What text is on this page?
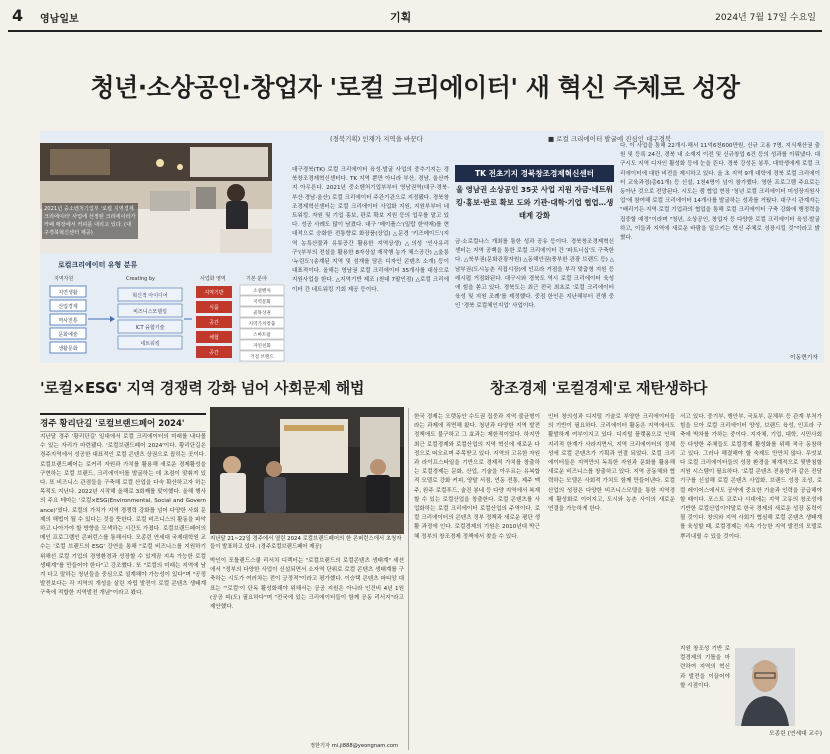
4 영남일보	기획	2024년 7월 17일 수요일
청년·소상공인·창업자 '로컬 크리에이터' 새 혁신 주체로 성장
(경북기획) 인재가 지역을 바꾼다	■ 로컬 크리에이터 발굴에 진심인 대구경북
2021년 중소벤처기업부 '로컬 지역경제 크리에이터' 사업에 선정된 크리에이터가 카페 매장에서 커피를 내리고 있다. (대구경북혁신센터 제공)
로컬크리에이터 유형 분류
지역자원	Creating by	사업화 영역	기본 분야
지연생활
산업경제
역사전통
문화예술
생활문화
혁신적 아이디어
비즈니스모델링
ICT 융합기술
네트워킹
지역기반
식품
공간
체험
공간
소셜벤처
지역문화
골목상권
지역가치창출
스마트팜
자연친화
거점 브랜드
대구경북(TK) 로컬 크리에이터 육성·발굴 사업의 중추기지는 경북창조경제혁신센터다. TK 지역 뿐만 아니라 부산, 경남, 울산까지 아우른다. 2021년 중소벤처기업부부터 영남권역(대구·경북·부산·경남·울산) 로컬 크리에이터 주관기관으로 지정됐다. 경북창조경제혁신센터는 로컬 크리에이터 사업화 지원, 지원부부터 네트워킹, 자원 및 기업 홍보, 판로 확보 지원 등의 업무를 맡고 있다. 성공 사례도 많이 남겼다. 대구 '메이플스'(밀랍 한약재)를 현대적으로 승화한 전통향료 화장품(상업) △문경 '키즈메이드'(지역 농특산물과 유튜공간 활용한 지역상생) △의성 '인사유리구'(부부의 전설을 활용한 8자상설 재작행 농가 체스공간) △울릉 '누린도'(송계된 지역 및 섬재를 담은 디자인 콘텐츠 소개) 등이 대표적이다. 올해는 영남권 로컬 크리에이터 35개사를 대상으로 지원사업을 한다. △지역기반 제조 (천대 7팔인점) △로컬 크리에이터 간 네트워킹 기회 제공 등이다.
TK 전초기지 경북창조경제혁신센터
울 영남권 소상공인 35곳 사업 지원 자금·네트워킹·홍보·판로 확보 도와 기관·대학·기업 협업…생태계 강화
금·소로컬나스 개최를 통한 성과 공유 등이다. 경북창조경제혁신센터는 지역 공백을 통한 로컬 크리에이터 간 '파트너십'도 구축한다. △북부권(문화관광자원) △동해안권(풍부한 관광 브랜드 등) △남부권(도시농촌 직접시장)에 인프라 거점을 부각 맞춤형 지원 등 레시펍 거점화된다. 대구시와 경북도 역시 로컬 크리에이터 육성에 힘을 쏟고 있다. 경북도는 최근 전국 최초로 '로컬 크리에이터 육성 및 지원 조례'를 제정했다. 중점 한인은 지난해부터 진행 중인 '경북 로컬체인지업' 사업이다.
다. 이 사업을 통해 22개시·해서 11억6천600만원, 신규 고용 7명, 지식재산권 출원 및 등록 24건, 경북 내 소재지 이전 및 신규창업 6건 등의 성과를 이뤄냈다. 대구시도 지역 디자인 활성화 등에 눈을 뜬다. 경북 강성돈 봉투, 대학생에게 로컬 크리에이터에 대한 비전을 제시하고 있다. 올 초 지역 9개 대학에 경북 로컬 크리에이터 교육과정(총61개) 등 신설, 1천4명이 넘이 참가했다. 영한 프로그램 주요로는 동아난 것으로 전망된다. 시도는 캠 협업 현장 '청년 로컬 크리에이터 미성장지원사업'에 참여해 로컬 크리에이터 14개사를 발굴하는 성과를 거뒀다. 대구시 관계자는 "배리기든·지역·로컬 기업과의 협업을 통해 로컬 크리에이터 구축 강화에 행정력을 집중할 예정"이라며 "청년, 소상공인, 창업자 등 다양한 로컬 크리에이터 육성·발굴하고, 이들과 지역에 새로운 바람을 일으키는 혁신 주체로 성장시킬 것"이라고 밝혔다.
이동현기자
'로컬×ESG' 지역 경쟁력 강화 넘어 사회문제 해법
경주 황리단길 '로컬브랜드페어 2024'
지난달 경주 '황리단길' 일대에서 로컬 크리에이터의 미래를 내다볼 수 있는 자리가 마련됐다. '로컬브랜드페어 2024'이다. 황리단길은 경주지역에서 성공한 대표적인 로컬 콘텐츠 상권으로 꼽히는 곳이다. 로컬브랜드페어는 로커리 자원과 가치를 활용해 새로운 경제활성을 구현하는 로컬 브랜드, 크리에이터를 발굴하는 데 초점이 맞춰져 있다. 또 비즈니스 관점들을 구축해 로컬 산업을 다숙 확산하고자 하는 목적도 지닌다. 2022년 시작해 올해로 3회째를 맞이했다. 올해 행사의 주요 테마는 '로컬×ESG(Environmental, Social and Governance)'였다. 로컬의 가치가 지역 경쟁력 강화를 넘어 다양한 사회 문제의 해법이 될 수 있다는 것을 뜻한다. 로컬 비즈니스의 활동을 파악하고 나아가야 할 방향을 모색하는 시간도 가졌다. 로컬브랜드페어의 메인 프로그램인 콘퍼런스를 통해서다. 모종린 연세대 국제대학원 교수는 '로컬 브랜드의 ESG' 강연을 통해 "로컬 비즈니스를 지원하기 위해선 로컬 기업의 경영환경과 성장할 수 있게끔 지속 가능한 로컬 생태계"를 만들어야 한다"고 강조했다. 또 "로컬의 미래는 지역에 남겨 다고 말하는 청년들을 중심으로 설계해야 가능성이 있다"며 "공정 발전보다는 각 지역의 개성을 살린 자립 발전이 로컬 콘텐츠 생태계 구축에 적합한 지역발전 개념"이라고 봤다.
지난달 21~22일 경주에서 열린 2024 로컬브랜드페어의 한 콘퍼런스에서 초청자들이 발표하고 있다. (경주로컬브랜드페어 제공)
박인이 포틀랜드스쿨 리서치 디렉터는 "로컬브랜드의 로컬콘텐츠 생태계" 세션에서 "정부의 다양한 사업이 신설되면서 소자역 단위로 로컬 콘텐츠 생태계를 구축하는 시도가 여러차는 전이 긍정적"이라고 평가했다. 이승택 콘텐츠 파티앙 대표는 "'로컬'이 단독 활성화해야 위해서는 공공 지원은 아니라 인건비 4년 1원 (공공 피(도) 필요하다"며 "전국에 있는 크리에이터들이 함께 공동 리서지"라고 제안했다.
정한기자 mi.ji888@yeongnam.com
창조경제 '로컬경제'로 재탄생하다
한국 경제는 오랫동안 수도권 집중과 지역 불균형이라는 과제에 직면해 왔다. 청년과 다양한 지역 발전 정책에도 불구하고 그 효과는 제한적이었다. 하지만 최근 로컬경제와 로컬산업의 지역 혁신에 새로운 다정으로 떠오르며 주목받고 있다. 지역의 고유한 자원과 라이프스타일을 기반으로 경제적 가치를 창출하는 로컬경제는 문화, 산업, 기술을 아우르는 유복합적 모델로 강화 커피, 양말 서점, 연동 전통, 제주 맥주, 완주 로컬푸드, 술진 봉네 등 다양 지역에서 복재할 수 있는 로컬산업을 창출한다. 로컬 콘텐츠를 사업화하는 로컬 크리에이터 로컬산업의 주역이다. 로컬 크리에이터의 콘텐츠 정부 정책과 새로운 평단 생활 과정에 인다. 로컬경제의 기원은 2010년대 박근혜 정부의 창조경제 정책에서 찾을 수 있다.
인터 창의성과 디지털 기술로 부양한 크리에이터들의 기반이 필요하다. 크리에이터 활동은 지역에서도 활발하게 여부이지고 있다. 디지털 플랫폼으로 인해 지리적 한계가 사라지면서, 지역 크리에이터의 정체성에 로컬 콘텐츠가 기획과 연결 되었다. 로컬 크리에이터들은 지역만의 독특한 자원과 문화를 활용해 새로운 비즈니스를 창출하고 있다. 지역 공동체와 협력하는 모델은 사회적 가치도 함께 만들어낸다. 로컬산업의 성장은 다양한 비즈니스모델을 통한 지역경제 활성화로 이어지고, 도시와 농촌 사이의 새로운 연결을 가능하게 한다.
서고 있다. 중기부, 행안부, 국토부, 문체부 등 관계 부처가 힘을 모아 로컬 크리에이터 양성, 브랜드 육성, 인프라 구축에 박차를 가하는 중이다. 지자체, 기업, 대학, 시민사회 등 다양한 주체들도 로컬경제 활성화를 위해 적극 동참하고 있다. 그러나 해결해야 할 숙제도 만만치 않다. 무엇보다 로컬 크리에이터들의 성장 환경을 체계적으로 뒷받침할 지원 시스템이 필요하다. '로컬 콘텐츠 전용망'과 같은 전담기구를 신설해 로컬 콘텐츠 사업화, 브랜드 성장 조성, 로컬 레이어스에서도 공약에 중요한 기술과 인력을 공급해야 할 때이다. 포스트 코로나 시대에는 지역 고유의 창조성에 기반한 로컬산업이야말로 한국 경제의 새로운 성장 동력이 될 것이다. 창의와 지역 사회가 협심해 로컬 콘텐츠 생태계를 육성할 때, 로컬경제는 지속 가능한 지역 발전의 모델로 뿌리내릴 수 있을 것이다.
지원 창조성 기반 로컬경제의 기틀을 마련하여 지역의 혁신과 발전을 이끌어야 할 시점이다.
모종린 (연세대 교수)
